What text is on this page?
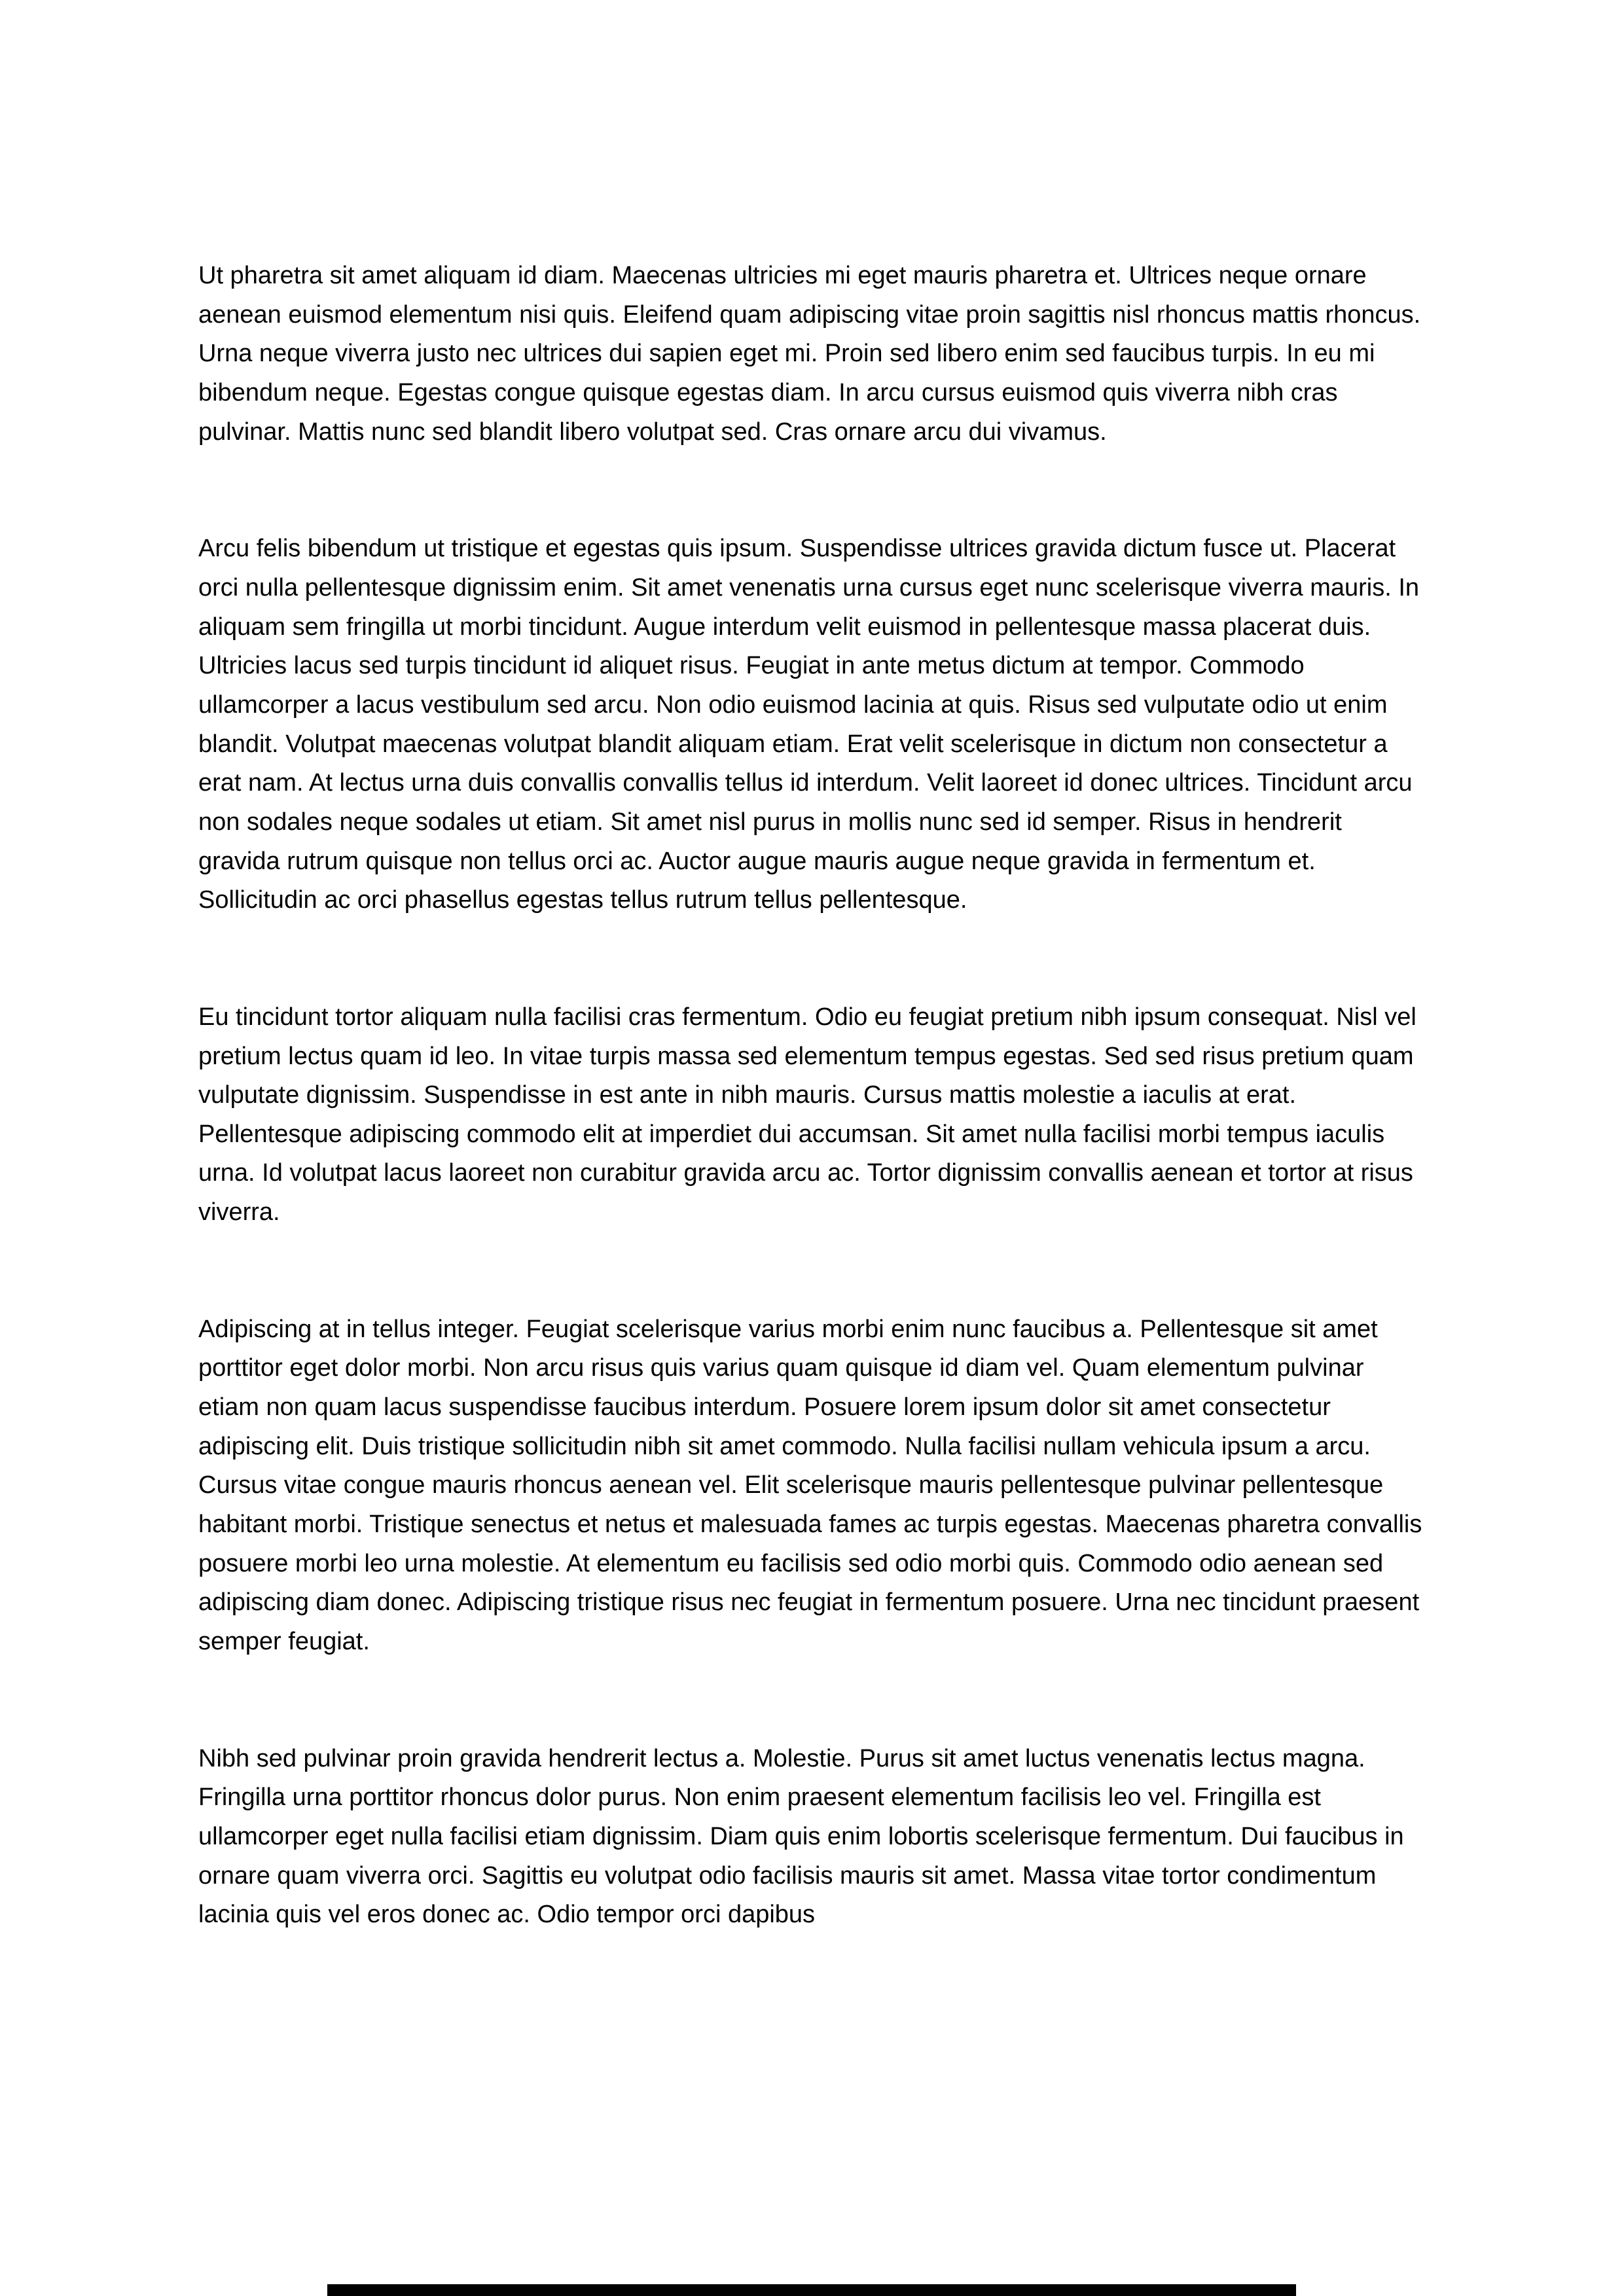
Ut pharetra sit amet aliquam id diam. Maecenas ultricies mi eget mauris pharetra et. Ultrices neque ornare aenean euismod elementum nisi quis. Eleifend quam adipiscing vitae proin sagittis nisl rhoncus mattis rhoncus. Urna neque viverra justo nec ultrices dui sapien eget mi. Proin sed libero enim sed faucibus turpis. In eu mi bibendum neque. Egestas congue quisque egestas diam. In arcu cursus euismod quis viverra nibh cras pulvinar. Mattis nunc sed blandit libero volutpat sed. Cras ornare arcu dui vivamus.

Arcu felis bibendum ut tristique et egestas quis ipsum. Suspendisse ultrices gravida dictum fusce ut. Placerat orci nulla pellentesque dignissim enim. Sit amet venenatis urna cursus eget nunc scelerisque viverra mauris. In aliquam sem fringilla ut morbi tincidunt. Augue interdum velit euismod in pellentesque massa placerat duis. Ultricies lacus sed turpis tincidunt id aliquet risus. Feugiat in ante metus dictum at tempor. Commodo ullamcorper a lacus vestibulum sed arcu. Non odio euismod lacinia at quis. Risus sed vulputate odio ut enim blandit. Volutpat maecenas volutpat blandit aliquam etiam. Erat velit scelerisque in dictum non consectetur a erat nam. At lectus urna duis convallis convallis tellus id interdum. Velit laoreet id donec ultrices. Tincidunt arcu non sodales neque sodales ut etiam. Sit amet nisl purus in mollis nunc sed id semper. Risus in hendrerit gravida rutrum quisque non tellus orci ac. Auctor augue mauris augue neque gravida in fermentum et. Sollicitudin ac orci phasellus egestas tellus rutrum tellus pellentesque.

Eu tincidunt tortor aliquam nulla facilisi cras fermentum. Odio eu feugiat pretium nibh ipsum consequat. Nisl vel pretium lectus quam id leo. In vitae turpis massa sed elementum tempus egestas. Sed sed risus pretium quam vulputate dignissim. Suspendisse in est ante in nibh mauris. Cursus mattis molestie a iaculis at erat. Pellentesque adipiscing commodo elit at imperdiet dui accumsan. Sit amet nulla facilisi morbi tempus iaculis urna. Id volutpat lacus laoreet non curabitur gravida arcu ac. Tortor dignissim convallis aenean et tortor at risus viverra.

Adipiscing at in tellus integer. Feugiat scelerisque varius morbi enim nunc faucibus a. Pellentesque sit amet porttitor eget dolor morbi. Non arcu risus quis varius quam quisque id diam vel. Quam elementum pulvinar etiam non quam lacus suspendisse faucibus interdum. Posuere lorem ipsum dolor sit amet consectetur adipiscing elit. Duis tristique sollicitudin nibh sit amet commodo. Nulla facilisi nullam vehicula ipsum a arcu. Cursus vitae congue mauris rhoncus aenean vel. Elit scelerisque mauris pellentesque pulvinar pellentesque habitant morbi. Tristique senectus et netus et malesuada fames ac turpis egestas. Maecenas pharetra convallis posuere morbi leo urna molestie. At elementum eu facilisis sed odio morbi quis. Commodo odio aenean sed adipiscing diam donec. Adipiscing tristique risus nec feugiat in fermentum posuere. Urna nec tincidunt praesent semper feugiat.

Nibh sed pulvinar proin gravida hendrerit lectus a. Molestie. Purus sit amet luctus venenatis lectus magna. Fringilla urna porttitor rhoncus dolor purus. Non enim praesent elementum facilisis leo vel. Fringilla est ullamcorper eget nulla facilisi etiam dignissim. Diam quis enim lobortis scelerisque fermentum. Dui faucibus in ornare quam viverra orci. Sagittis eu volutpat odio facilisis mauris sit amet. Massa vitae tortor condimentum lacinia quis vel eros donec ac. Odio tempor orci dapibus
